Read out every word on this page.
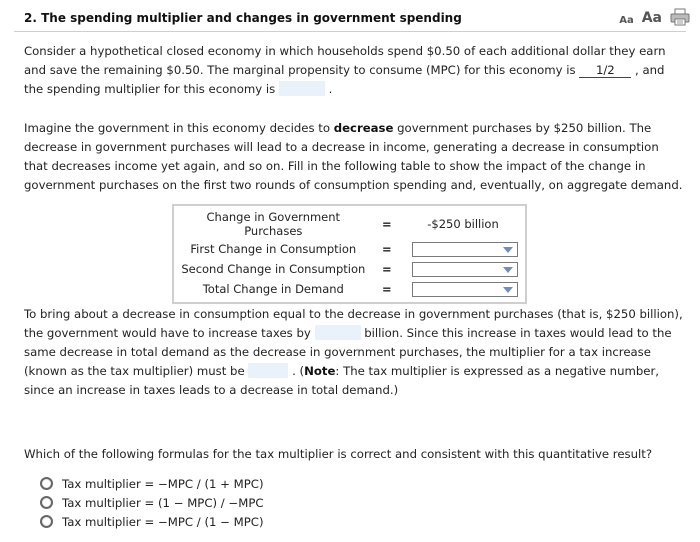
2. The spending multiplier and changes in government spending	Aa Aa

Consider a hypothetical closed economy in which households spend $0.50 of each additional dollar they earn and save the remaining $0.50. The marginal propensity to consume (MPC) for this economy is 1/2 , and the spending multiplier for this economy is	.

Imagine the government in this economy decides to decrease government purchases by $250 billion. The decrease in government purchases will lead to a decrease in income, generating a decrease in consumption that decreases income yet again, and so on. Fill in the following table to show the impact of the change in government purchases on the first two rounds of consumption spending and, eventually, on aggregate demand.

Change in Government Purchases	=	-$250 billion
First Change in Consumption	=	

Second Change in Consumption	=	

Total Change in Demand	=	

To bring about a decrease in consumption equal to the decrease in government purchases (that is, $250 billion), the government would have to increase taxes by	billion. Since this increase in taxes would lead to the same decrease in total demand as the decrease in government purchases, the multiplier for a tax increase (known as the tax multiplier) must be	. (Note: The tax multiplier is expressed as a negative number, since an increase in taxes leads to a decrease in total demand.)

Which of the following formulas for the tax multiplier is correct and consistent with this quantitative result?

Tax multiplier = −MPC / (1 + MPC)
Tax multiplier = (1 − MPC) / −MPC
Tax multiplier = −MPC / (1 − MPC)
